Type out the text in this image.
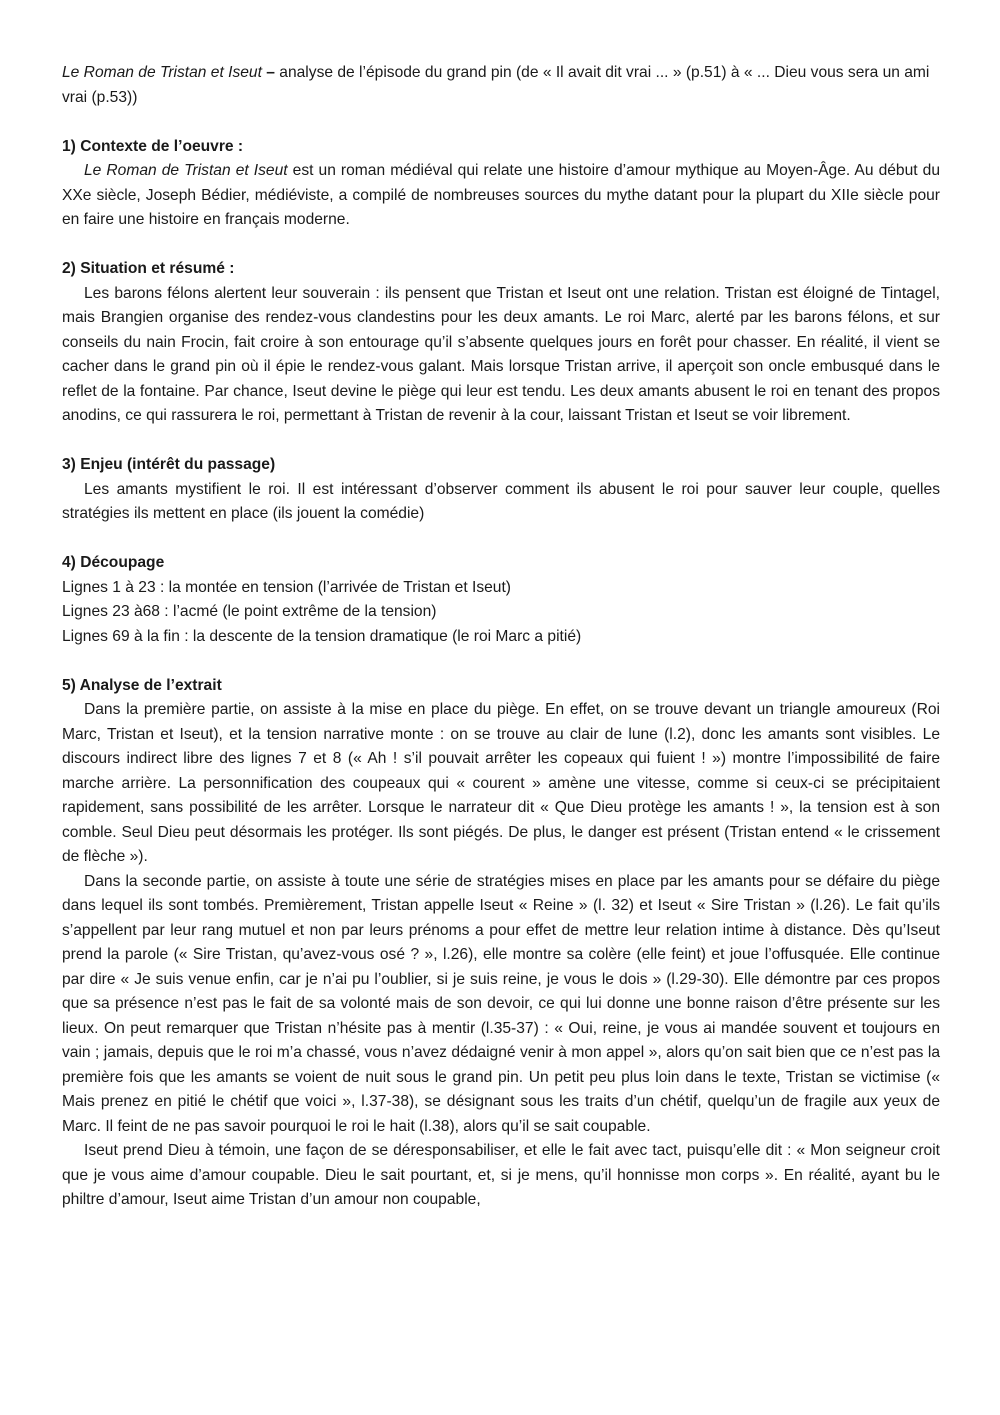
Le Roman de Tristan et Iseut – analyse de l’épisode du grand pin (de « Il avait dit vrai ... » (p.51) à « ... Dieu vous sera un ami vrai (p.53))

1) Contexte de l’oeuvre :

Le Roman de Tristan et Iseut est un roman médiéval qui relate une histoire d’amour mythique au Moyen-Âge. Au début du XXe siècle, Joseph Bédier, médiéviste, a compilé de nombreuses sources du mythe datant pour la plupart du XIIe siècle pour en faire une histoire en français moderne.

2) Situation et résumé :

Les barons félons alertent leur souverain : ils pensent que Tristan et Iseut ont une relation. Tristan est éloigné de Tintagel, mais Brangien organise des rendez-vous clandestins pour les deux amants. Le roi Marc, alerté par les barons félons, et sur conseils du nain Frocin, fait croire à son entourage qu’il s’absente quelques jours en forêt pour chasser. En réalité, il vient se cacher dans le grand pin où il épie le rendez-vous galant. Mais lorsque Tristan arrive, il aperçoit son oncle embusqué dans le reflet de la fontaine. Par chance, Iseut devine le piège qui leur est tendu. Les deux amants abusent le roi en tenant des propos anodins, ce qui rassurera le roi, permettant à Tristan de revenir à la cour, laissant Tristan et Iseut se voir librement.

3) Enjeu (intérêt du passage)

Les amants mystifient le roi. Il est intéressant d’observer comment ils abusent le roi pour sauver leur couple, quelles stratégies ils mettent en place (ils jouent la comédie)

4) Découpage

Lignes 1 à 23 : la montée en tension (l’arrivée de Tristan et Iseut)

Lignes 23 à68 : l’acmé (le point extrême de la tension)

Lignes 69 à la fin : la descente de la tension dramatique (le roi Marc a pitié)

5) Analyse de l’extrait

Dans la première partie, on assiste à la mise en place du piège. En effet, on se trouve devant un triangle amoureux (Roi Marc, Tristan et Iseut), et la tension narrative monte : on se trouve au clair de lune (l.2), donc les amants sont visibles. Le discours indirect libre des lignes 7 et 8 (« Ah ! s’il pouvait arrêter les copeaux qui fuient ! ») montre l’impossibilité de faire marche arrière. La personnification des coupeaux qui « courent » amène une vitesse, comme si ceux-ci se précipitaient rapidement, sans possibilité de les arrêter. Lorsque le narrateur dit « Que Dieu protège les amants ! », la tension est à son comble. Seul Dieu peut désormais les protéger. Ils sont piégés. De plus, le danger est présent (Tristan entend « le crissement de flèche »).

Dans la seconde partie, on assiste à toute une série de stratégies mises en place par les amants pour se défaire du piège dans lequel ils sont tombés. Premièrement, Tristan appelle Iseut « Reine » (l. 32) et Iseut « Sire Tristan » (l.26). Le fait qu’ils s’appellent par leur rang mutuel et non par leurs prénoms a pour effet de mettre leur relation intime à distance. Dès qu’Iseut prend la parole (« Sire Tristan, qu’avez-vous osé ? », l.26), elle montre sa colère (elle feint) et joue l’offusquée. Elle continue par dire « Je suis venue enfin, car je n’ai pu l’oublier, si je suis reine, je vous le dois » (l.29-30). Elle démontre par ces propos que sa présence n’est pas le fait de sa volonté mais de son devoir, ce qui lui donne une bonne raison d’être présente sur les lieux. On peut remarquer que Tristan n’hésite pas à mentir (l.35-37) : « Oui, reine, je vous ai mandée souvent et toujours en vain ; jamais, depuis que le roi m’a chassé, vous n’avez dédaigné venir à mon appel », alors qu’on sait bien que ce n’est pas la première fois que les amants se voient de nuit sous le grand pin. Un petit peu plus loin dans le texte, Tristan se victimise (« Mais prenez en pitié le chétif que voici », l.37-38), se désignant sous les traits d’un chétif, quelqu’un de fragile aux yeux de Marc. Il feint de ne pas savoir pourquoi le roi le hait (l.38), alors qu’il se sait coupable.

Iseut prend Dieu à témoin, une façon de se déresponsabiliser, et elle le fait avec tact, puisqu’elle dit : « Mon seigneur croit que je vous aime d’amour coupable. Dieu le sait pourtant, et, si je mens, qu’il honnisse mon corps ». En réalité, ayant bu le philtre d’amour, Iseut aime Tristan d’un amour non coupable,
